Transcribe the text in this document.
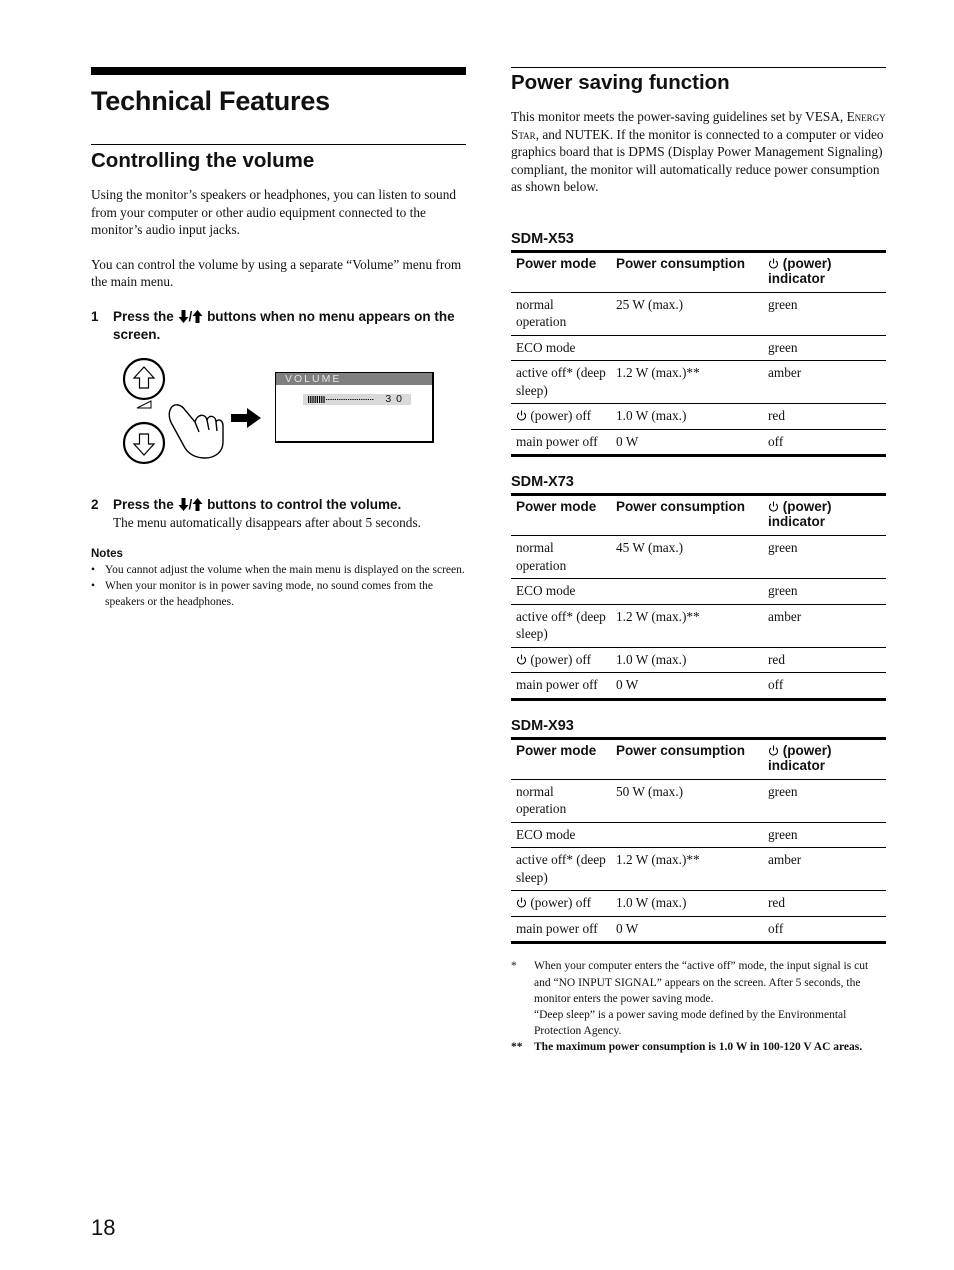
Technical Features
Controlling the volume

Using the monitor’s speakers or headphones, you can listen to sound from your computer or other audio equipment connected to the monitor’s audio input jacks.

You can control the volume by using a separate “Volume” menu from the main menu.

1 Press the / buttons when no menu appears on the screen.
VOLUME
3 0
2 Press the / buttons to control the volume.
The menu automatically disappears after about 5 seconds.
Notes
• You cannot adjust the volume when the main menu is displayed on the screen.
• When your monitor is in power saving mode, no sound comes from the speakers or the headphones.
Power saving function

This monitor meets the power-saving guidelines set by VESA, Energy Star, and NUTEK. If the monitor is connected to a computer or video graphics board that is DPMS (Display Power Management Signaling) compliant, the monitor will automatically reduce power consumption as shown below.

SDM-X53
Power mode	Power consumption	(power) indicator
normal operation	25 W (max.)	green
ECO mode		green
active off* (deep sleep)	1.2 W (max.)**	amber
(power) off	1.0 W (max.)	red
main power off	0 W	off
SDM-X73
Power mode	Power consumption	(power) indicator
normal operation	45 W (max.)	green
ECO mode		green
active off* (deep sleep)	1.2 W (max.)**	amber
(power) off	1.0 W (max.)	red
main power off	0 W	off
SDM-X93
Power mode	Power consumption	(power) indicator
normal operation	50 W (max.)	green
ECO mode		green
active off* (deep sleep)	1.2 W (max.)**	amber
(power) off	1.0 W (max.)	red
main power off	0 W	off
* When your computer enters the “active off” mode, the input signal is cut and “NO INPUT SIGNAL” appears on the screen. After 5 seconds, the monitor enters the power saving mode.
“Deep sleep” is a power saving mode defined by the Environmental Protection Agency.
** The maximum power consumption is 1.0 W in 100-120 V AC areas.
18
